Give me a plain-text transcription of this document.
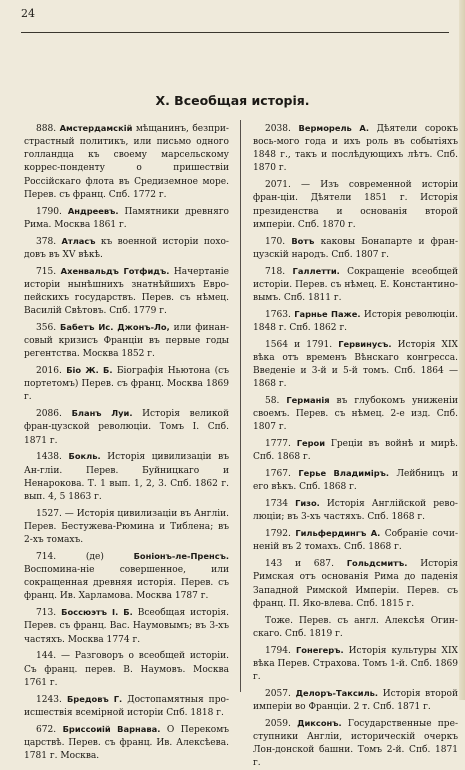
24
Х. Всеобщая исторія.

888. Амстердамскій мѣщанинъ, безпри-страстный политикъ, или письмо одного голландца къ своему марсельскому коррес-понденту о пришествіи Россійскаго флота въ Средиземное море. Перев. съ франц. Спб. 1772 г.

1790. Андреевъ. Памятники древняго Рима. Москва 1861 г.

378. Атласъ къ военной исторіи похо-довъ въ XV вѣкѣ.

715. Ахенвальдъ Готфидъ. Начертаніе исторіи нынѣшнихъ знатнѣйшихъ Евро-пейскихъ государствъ. Перев. съ нѣмец. Василій Свѣтовъ. Спб. 1779 г.

356. Бабетъ Ис. Джонъ-Ло, или финан-совый кризисъ Франціи въ первые годы регентства. Москва 1852 г.

2016. Біо Ж. Б. Біографія Ньютона (съ портетомъ) Перев. съ франц. Москва 1869 г.

2086. Бланъ Луи. Исторія великой фран-цузской революціи. Томъ I. Спб. 1871 г.

1438. Бокль. Исторія цивилизаціи въ Ан-гліи. Перев. Буйницкаго и Ненарокова. Т. 1 вып. 1, 2, 3. Спб. 1862 г. вып. 4, 5 1863 г.

1527. — Исторія цивилизаціи въ Англіи. Перев. Бестужева-Рюмина и Тиблена; въ 2-хъ томахъ.

714. (де) Боніонъ-ле-Пренсъ. Воспомина-ніе совершенное, или сокращенная древняя исторія. Перев. съ франц. Ив. Харламова. Москва 1787 г.

713. Боссюэтъ I. Б. Всеобщая исторія. Перев. съ франц. Вас. Наумовымъ; въ 3-хъ частяхъ. Москва 1774 г.

144. — Разговоръ о всеобщей исторіи. Съ франц. перев. В. Наумовъ. Москва 1761 г.

1243. Бредовъ Г. Достопамятныя про-исшествія всемірной исторіи Спб. 1818 г.

672. Бриссоиій Варнава. О Перекомъ царствѣ. Перев. съ франц. Ив. Алексѣева. 1781 г. Москва.

2038. Верморель А. Дѣятели сорокъ вось-мого года и ихъ роль въ событіяхъ 1848 г., такъ и послѣдующихъ лѣтъ. Спб. 1870 г.

2071. — Изъ современной исторіи фран-ціи. Дѣятели 1851 г. Исторія президенства и основанія второй имперіи. Спб. 1870 г.

170. Вотъ каковы Бонапарте и фран-цузскій народъ. Спб. 1807 г.

718. Галлетти. Сокращеніе всеобщей исторіи. Перев. съ нѣмец. Е. Константино-вымъ. Спб. 1811 г.

1763. Гарнье Паже. Исторія революціи. 1848 г. Спб. 1862 г.

1564 и 1791. Гервинусъ. Исторія XIX вѣка отъ временъ Вѣнскаго конгресса. Введеніе и 3-й и 5-й томъ. Спб. 1864 — 1868 г.

58. Германія въ глубокомъ униженіи своемъ. Перев. съ нѣмец. 2-е изд. Спб. 1807 г.

1777. Герои Греціи въ войнѣ и мирѣ. Спб. 1868 г.

1767. Герье Владиміръ. Лейбницъ и его вѣкъ. Спб. 1868 г.

1734 Гизо. Исторія Англійской рево-люціи; въ 3-хъ частяхъ. Спб. 1868 г.

1792. Гильфердингъ А. Собраніе сочи-неній въ 2 томахъ. Спб. 1868 г.

143 и 687. Гольдсмитъ. Исторія Римская отъ основанія Рима до паденія Западной Римской Имперіи. Перев. съ франц. П. Яко-влева. Спб. 1815 г.

Тоже. Перев. съ англ. Алексѣя Огин-скаго. Спб. 1819 г.

1794. Гонегеръ. Исторія культуры XIX вѣка Перев. Страхова. Томъ 1-й. Спб. 1869 г.

2057. Делоръ-Таксиль. Исторія второй имперіи во Франціи. 2 т. Спб. 1871 г.

2059. Диксонъ. Государственные пре-ступники Англіи, историческій очеркъ Лон-донской башни. Томъ 2-й. Спб. 1871 г.
